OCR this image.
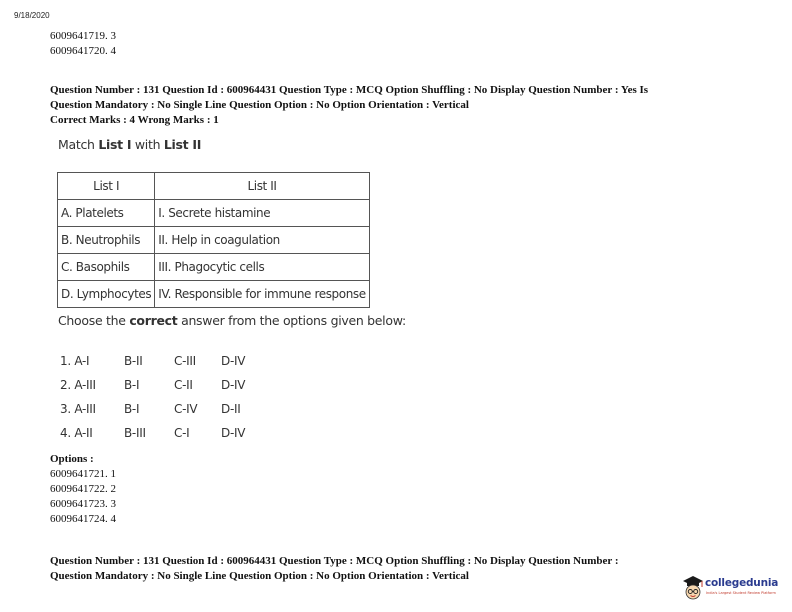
9/18/2020
6009641719. 3
6009641720. 4
Question Number : 131 Question Id : 600964431 Question Type : MCQ Option Shuffling : No Display Question Number : Yes Is
Question Mandatory : No Single Line Question Option : No Option Orientation : Vertical
Correct Marks : 4 Wrong Marks : 1
Match List I with List II
List I	List II
A. Platelets	I. Secrete histamine
B. Neutrophils	II. Help in coagulation
C. Basophils	III. Phagocytic cells
D. Lymphocytes	IV. Responsible for immune response
Choose the correct answer from the options given below:
1. A-I	B-II	C-III D-IV
2. A-III B-I	C-II D-IV
3. A-III B-I	C-IV D-II
4. A-II	B-III C-I	D-IV
Options :
6009641721. 1
6009641722. 2
6009641723. 3
6009641724. 4
Question Number : 131 Question Id : 600964431 Question Type : MCQ Option Shuffling : No Display Question Number :
Question Mandatory : No Single Line Question Option : No Option Orientation : Vertical
collegedunia
India's Largest Student Review Platform
